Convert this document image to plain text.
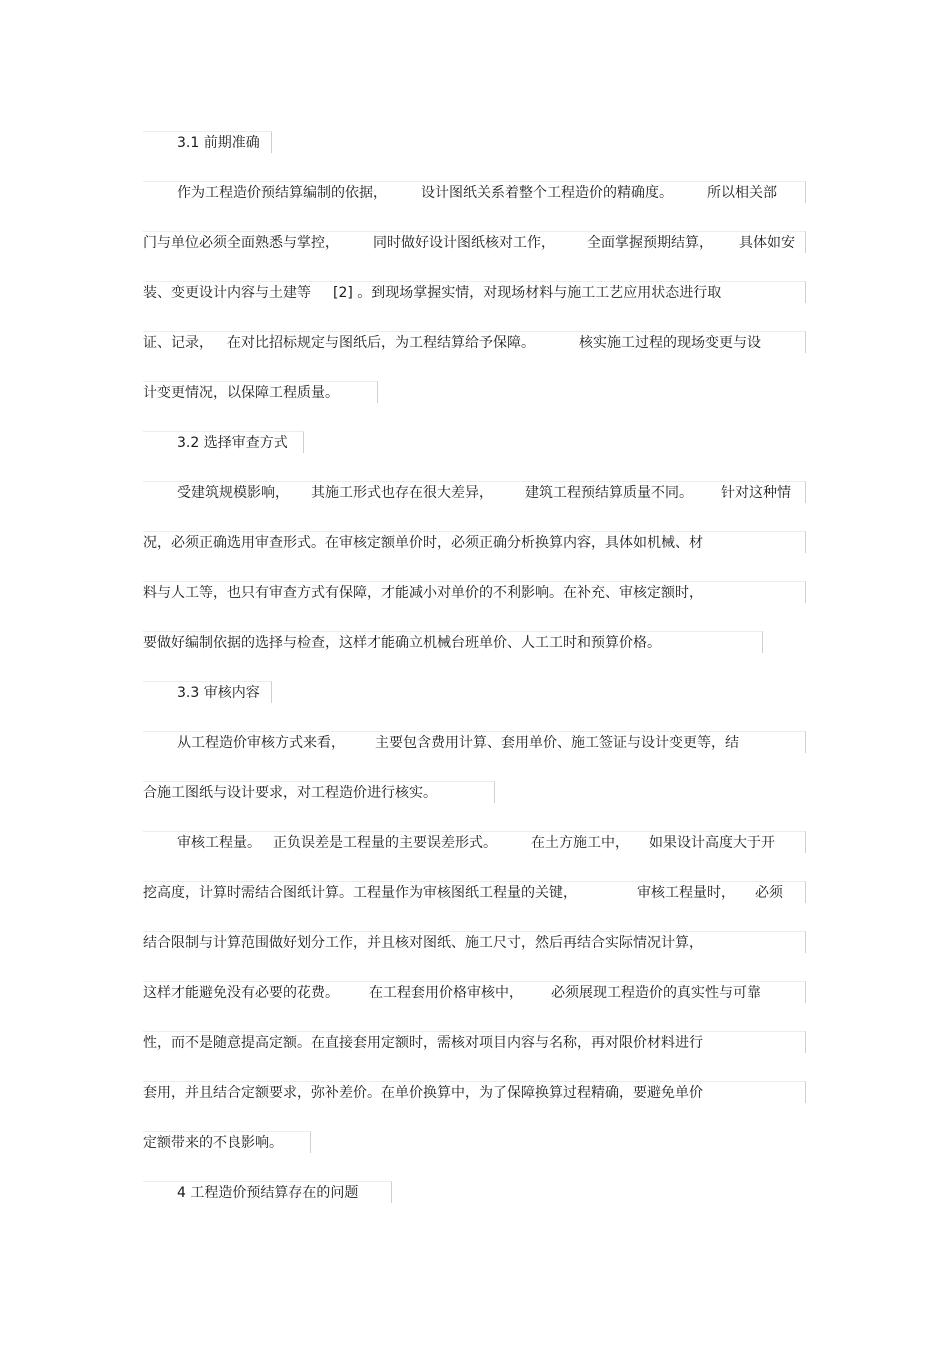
3.1 前期准确
作为工程造价预结算编制的依据， 设计图纸关系着整个工程造价的精确度。 所以相关部
门与单位必须全面熟悉与掌控， 同时做好设计图纸核对工作， 全面掌握预期结算， 具体如安
装、变更设计内容与土建等 [2] 。到现场掌握实情，对现场材料与施工工艺应用状态进行取
证、记录， 在对比招标规定与图纸后，为工程结算给予保障。	核实施工过程的现场变更与设
计变更情况，以保障工程质量。
3.2 选择审查方式
受建筑规模影响， 其施工形式也存在很大差异， 建筑工程预结算质量不同。 针对这种情
况，必须正确选用审查形式。在审核定额单价时，必须正确分析换算内容，具体如机械、材
料与人工等，也只有审查方式有保障，才能减小对单价的不利影响。在补充、审核定额时，
要做好编制依据的选择与检查，这样才能确立机械台班单价、人工工时和预算价格。
3.3 审核内容
从工程造价审核方式来看， 主要包含费用计算、套用单价、施工签证与设计变更等，结
合施工图纸与设计要求，对工程造价进行核实。
审核工程量。 正负误差是工程量的主要误差形式。 在土方施工中， 如果设计高度大于开
挖高度，计算时需结合图纸计算。工程量作为审核图纸工程量的关键，	审核工程量时， 必须
结合限制与计算范围做好划分工作，并且核对图纸、施工尺寸，然后再结合实际情况计算，
这样才能避免没有必要的花费。 在工程套用价格审核中， 必须展现工程造价的真实性与可靠
性，而不是随意提高定额。在直接套用定额时，需核对项目内容与名称，再对限价材料进行
套用，并且结合定额要求，弥补差价。在单价换算中，为了保障换算过程精确，要避免单价
定额带来的不良影响。
4 工程造价预结算存在的问题
